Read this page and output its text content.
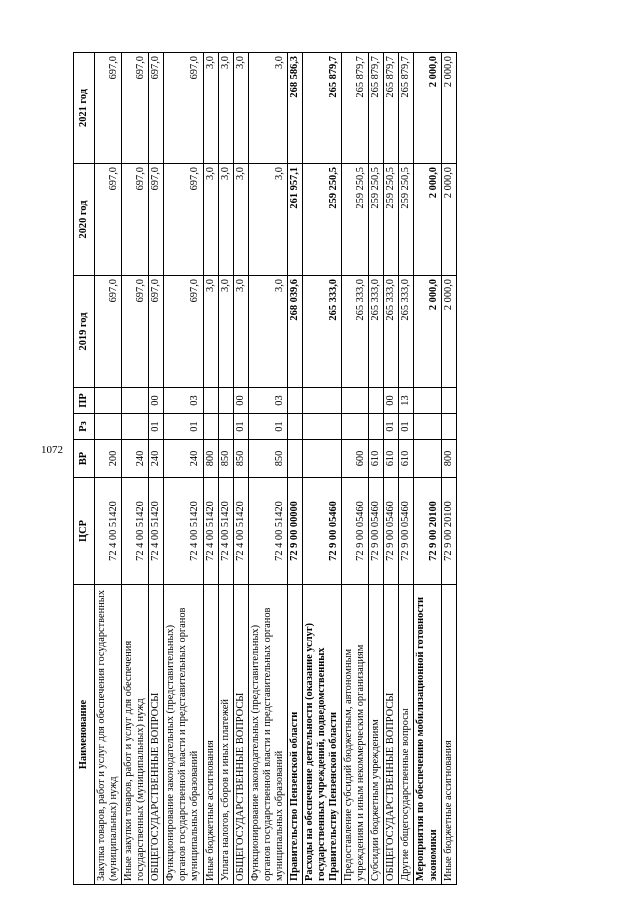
1072
Наименование	ЦСР	ВР	Рз	ПР	2019 год	2020 год	2021 год
Закупка товаров, работ и услуг для обеспечения государственных (муниципальных) нужд	72 4 00 51420	200			697,0	697,0	697,0
Иные закупки товаров, работ и услуг для обеспечения государственных (муниципальных) нужд	72 4 00 51420	240			697,0	697,0	697,0
ОБЩЕГОСУДАРСТВЕННЫЕ ВОПРОСЫ	72 4 00 51420	240	01	00	697,0	697,0	697,0
Функционирование законодательных (представительных) органов государственной власти и представительных органов муниципальных образований	72 4 00 51420	240	01	03	697,0	697,0	697,0
Иные бюджетные ассигнования	72 4 00 51420	800			3,0	3,0	3,0
Уплата налогов, сборов и иных платежей	72 4 00 51420	850			3,0	3,0	3,0
ОБЩЕГОСУДАРСТВЕННЫЕ ВОПРОСЫ	72 4 00 51420	850	01	00	3,0	3,0	3,0
Функционирование законодательных (представительных) органов государственной власти и представительных органов муниципальных образований	72 4 00 51420	850	01	03	3,0	3,0	3,0
Правительство Пензенской области	72 9 00 00000				268 039,6	261 957,1	268 586,3
Расходы на обеспечение деятельности (оказание услуг) государственных учреждений, подведомственных Правительству Пензенской области	72 9 00 05460				265 333,0	259 250,5	265 879,7
Предоставление субсидий бюджетным, автономным учреждениям и иным некоммерческим организациям	72 9 00 05460	600			265 333,0	259 250,5	265 879,7
Субсидии бюджетным учреждениям	72 9 00 05460	610			265 333,0	259 250,5	265 879,7
ОБЩЕГОСУДАРСТВЕННЫЕ ВОПРОСЫ	72 9 00 05460	610	01	00	265 333,0	259 250,5	265 879,7
Другие общегосударственные вопросы	72 9 00 05460	610	01	13	265 333,0	259 250,5	265 879,7
Мероприятия по обеспечению мобилизационной готовности экономики	72 9 00 20100				2 000,0	2 000,0	2 000,0
Иные бюджетные ассигнования	72 9 00 20100	800			2 000,0	2 000,0	2 000,0
